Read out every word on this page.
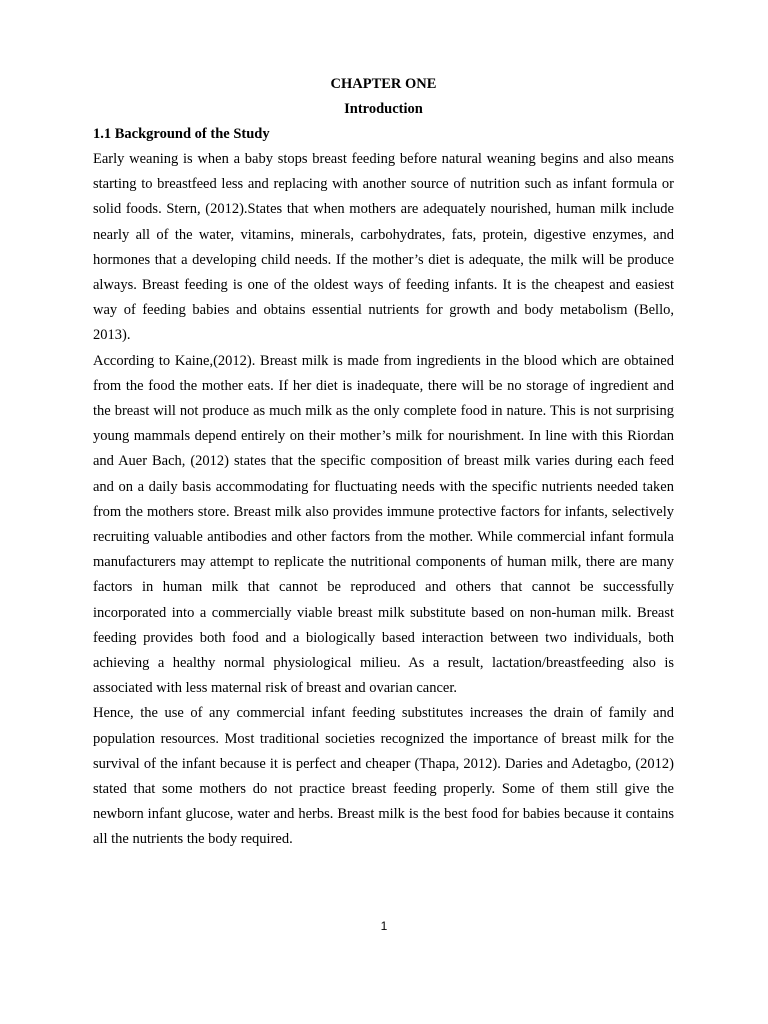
CHAPTER ONE
Introduction
1.1 Background of the Study

Early weaning is when a baby stops breast feeding before natural weaning begins and also means starting to breastfeed less and replacing with another source of nutrition such as infant formula or solid foods. Stern, (2012).States that when mothers are adequately nourished, human milk include nearly all of the water, vitamins, minerals, carbohydrates, fats, protein, digestive enzymes, and hormones that a developing child needs. If the mother’s diet is adequate, the milk will be produce always. Breast feeding is one of the oldest ways of feeding infants. It is the cheapest and easiest way of feeding babies and obtains essential nutrients for growth and body metabolism (Bello, 2013).

According to Kaine,(2012). Breast milk is made from ingredients in the blood which are obtained from the food the mother eats. If her diet is inadequate, there will be no storage of ingredient and the breast will not produce as much milk as the only complete food in nature. This is not surprising young mammals depend entirely on their mother’s milk for nourishment. In line with this Riordan and Auer Bach, (2012) states that the specific composition of breast milk varies during each feed and on a daily basis accommodating for fluctuating needs with the specific nutrients needed taken from the mothers store. Breast milk also provides immune protective factors for infants, selectively recruiting valuable antibodies and other factors from the mother. While commercial infant formula manufacturers may attempt to replicate the nutritional components of human milk, there are many factors in human milk that cannot be reproduced and others that cannot be successfully incorporated into a commercially viable breast milk substitute based on non-human milk. Breast feeding provides both food and a biologically based interaction between two individuals, both achieving a healthy normal physiological milieu. As a result, lactation/breastfeeding also is associated with less maternal risk of breast and ovarian cancer.

Hence, the use of any commercial infant feeding substitutes increases the drain of family and population resources. Most traditional societies recognized the importance of breast milk for the survival of the infant because it is perfect and cheaper (Thapa, 2012). Daries and Adetagbo, (2012) stated that some mothers do not practice breast feeding properly. Some of them still give the newborn infant glucose, water and herbs. Breast milk is the best food for babies because it contains all the nutrients the body required.

1
